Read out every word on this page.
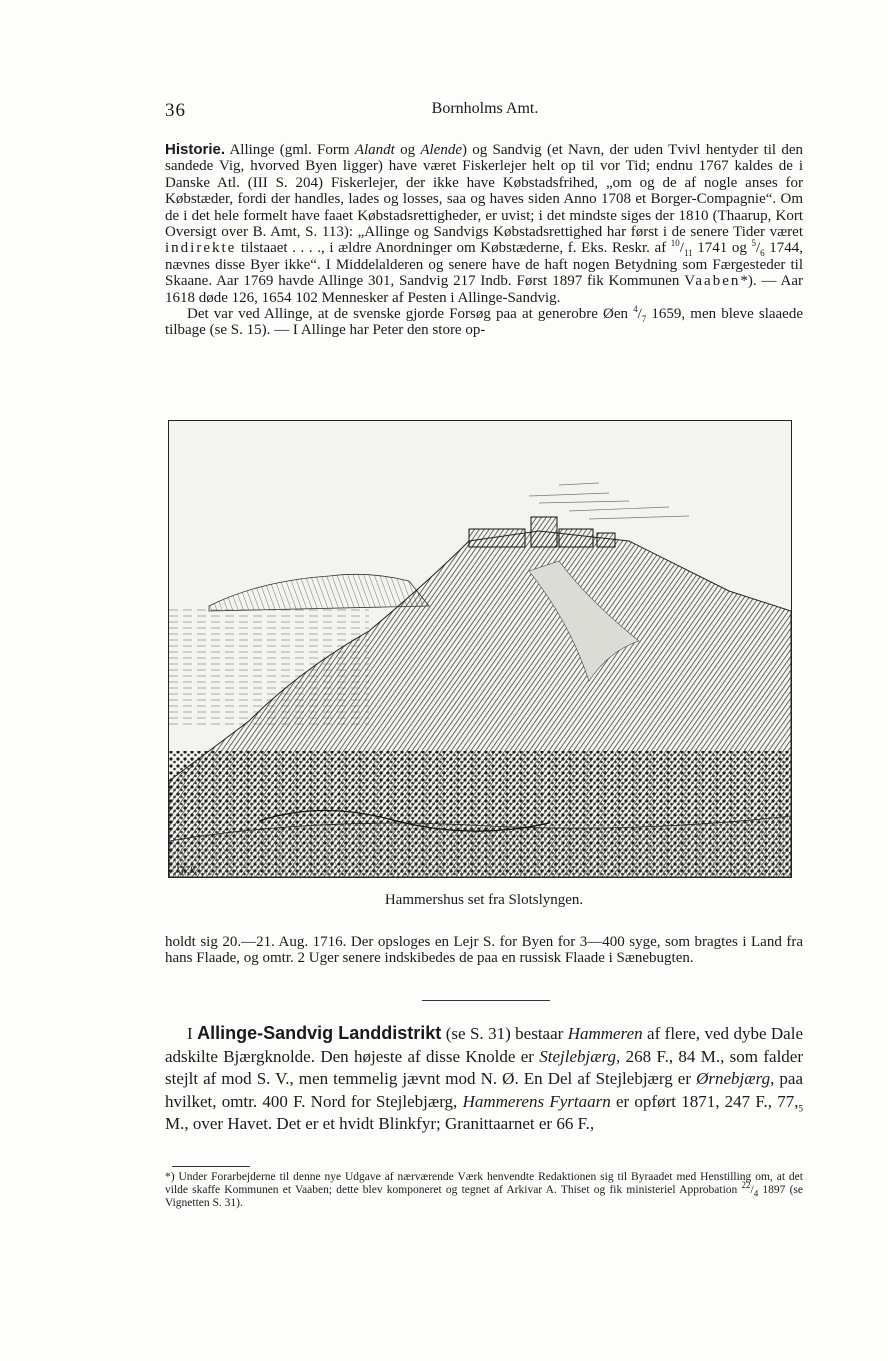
36	Bornholms Amt.

Historie. Allinge (gml. Form Alandt og Alende) og Sandvig (et Navn, der uden Tvivl hentyder til den sandede Vig, hvorved Byen ligger) have været Fiskerlejer helt op til vor Tid; endnu 1767 kaldes de i Danske Atl. (III S. 204) Fiskerlejer, der ikke have Købstadsfrihed, „om og de af nogle anses for Købstæder, fordi der handles, lades og losses, saa og haves siden Anno 1708 et Borger-Compagnie“. Om de i det hele formelt have faaet Købstadsrettigheder, er uvist; i det mindste siges der 1810 (Thaarup, Kort Oversigt over B. Amt, S. 113): „Allinge og Sandvigs Købstadsrettighed har først i de senere Tider været indirekte tilstaaet . . . ., i ældre Anordninger om Købstæderne, f. Eks. Reskr. af $^{10}/_{11}$ 1741 og $^5/_6$ 1744, nævnes disse Byer ikke“. I Middelalderen og senere have de haft nogen Betydning som Færgesteder til Skaane. Aar 1769 havde Allinge 301, Sandvig 217 Indb. Først 1897 fik Kommunen Vaaben*). — Aar 1618 døde 126, 1654 102 Mennesker af Pesten i Allinge-Sandvig.

Det var ved Allinge, at de svenske gjorde Forsøg paa at generobre Øen $^4/_7$ 1659, men bleve slaaede tilbage (se S. 15). — I Allinge har Peter den store op-

J.K.R.
Hammershus set fra Slotslyngen.

holdt sig 20.—21. Aug. 1716. Der opsloges en Lejr S. for Byen for 3—400 syge, som bragtes i Land fra hans Flaade, og omtr. 2 Uger senere indskibedes de paa en russisk Flaade i Sænebugten.

I Allinge-Sandvig Landdistrikt (se S. 31) bestaar Hammeren af flere, ved dybe Dale adskilte Bjærgknolde. Den højeste af disse Knolde er Stejlebjærg, 268 F., 84 M., som falder stejlt af mod S. V., men temmelig jævnt mod N. Ø. En Del af Stejlebjærg er Ørnebjærg, paa hvilket, omtr. 400 F. Nord for Stejlebjærg, Hammerens Fyrtaarn er opført 1871, 247 F., $77,_5$ M., over Havet. Det er et hvidt Blinkfyr; Granittaarnet er 66 F.,

*) Under Forarbejderne til denne nye Udgave af nærværende Værk henvendte Redaktionen sig til Byraadet med Henstilling om, at det vilde skaffe Kommunen et Vaaben; dette blev komponeret og tegnet af Arkivar A. Thiset og fik ministeriel Approbation $^{22}/_4$ 1897 (se Vignetten S. 31).
